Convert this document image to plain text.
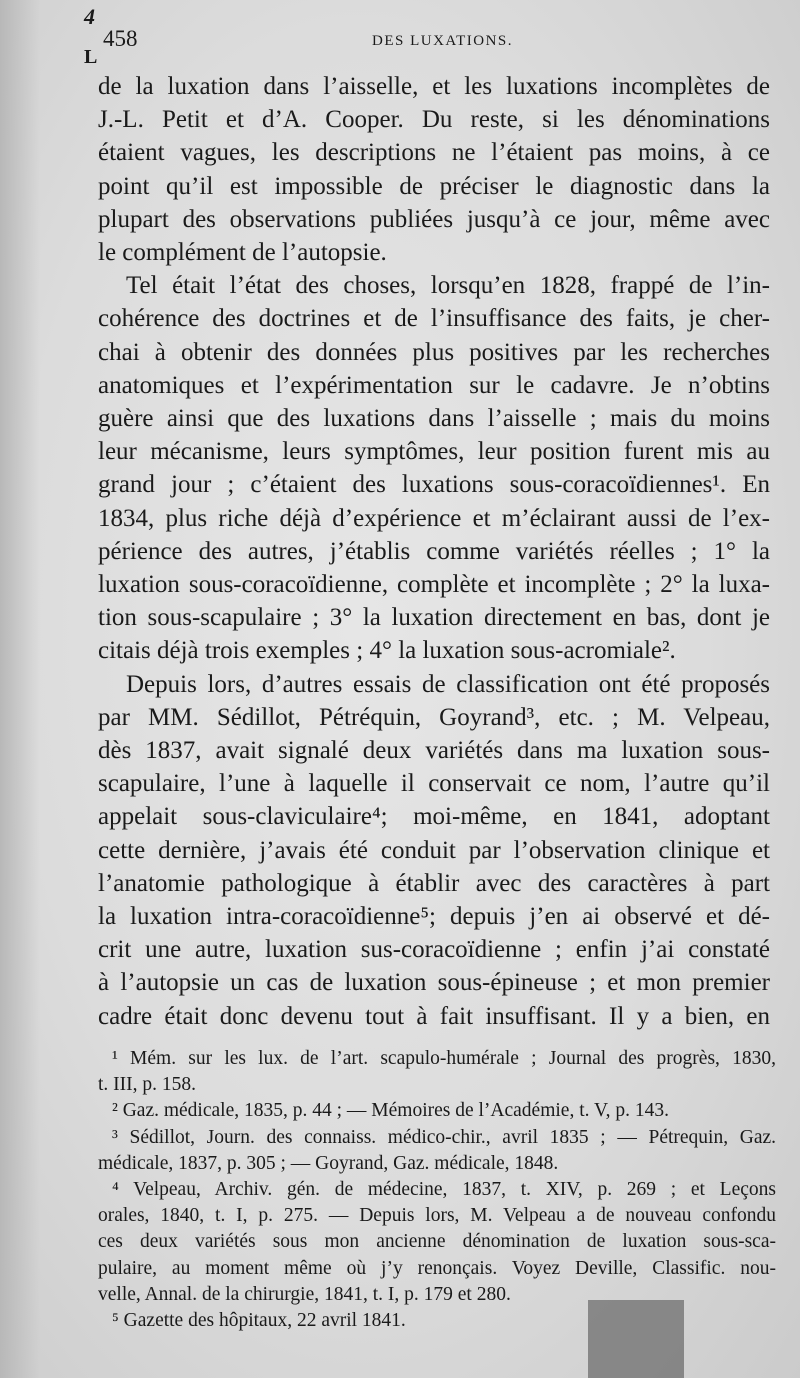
4
L
458	DES LUXATIONS.
de la luxation dans l’aisselle, et les luxations incomplètes de
J.-L. Petit et d’A. Cooper. Du reste, si les dénominations
étaient vagues, les descriptions ne l’étaient pas moins, à ce
point qu’il est impossible de préciser le diagnostic dans la
plupart des observations publiées jusqu’à ce jour, même avec
le complément de l’autopsie.
Tel était l’état des choses, lorsqu’en 1828, frappé de l’in-
cohérence des doctrines et de l’insuffisance des faits, je cher-
chai à obtenir des données plus positives par les recherches
anatomiques et l’expérimentation sur le cadavre. Je n’obtins
guère ainsi que des luxations dans l’aisselle ; mais du moins
leur mécanisme, leurs symptômes, leur position furent mis au
grand jour ; c’étaient des luxations sous-coracoïdiennes¹. En
1834, plus riche déjà d’expérience et m’éclairant aussi de l’ex-
périence des autres, j’établis comme variétés réelles ; 1° la
luxation sous-coracoïdienne, complète et incomplète ; 2° la luxa-
tion sous-scapulaire ; 3° la luxation directement en bas, dont je
citais déjà trois exemples ; 4° la luxation sous-acromiale².
Depuis lors, d’autres essais de classification ont été proposés
par MM. Sédillot, Pétréquin, Goyrand³, etc. ; M. Velpeau,
dès 1837, avait signalé deux variétés dans ma luxation sous-
scapulaire, l’une à laquelle il conservait ce nom, l’autre qu’il
appelait sous-claviculaire⁴; moi-même, en 1841, adoptant
cette dernière, j’avais été conduit par l’observation clinique et
l’anatomie pathologique à établir avec des caractères à part
la luxation intra-coracoïdienne⁵; depuis j’en ai observé et dé-
crit une autre, luxation sus-coracoïdienne ; enfin j’ai constaté
à l’autopsie un cas de luxation sous-épineuse ; et mon premier
cadre était donc devenu tout à fait insuffisant. Il y a bien, en
¹ Mém. sur les lux. de l’art. scapulo-humérale ; Journal des progrès, 1830,
t. III, p. 158.
² Gaz. médicale, 1835, p. 44 ; — Mémoires de l’Académie, t. V, p. 143.
³ Sédillot, Journ. des connaiss. médico-chir., avril 1835 ; — Pétrequin, Gaz.
médicale, 1837, p. 305 ; — Goyrand, Gaz. médicale, 1848.
⁴ Velpeau, Archiv. gén. de médecine, 1837, t. XIV, p. 269 ; et Leçons
orales, 1840, t. I, p. 275. — Depuis lors, M. Velpeau a de nouveau confondu
ces deux variétés sous mon ancienne dénomination de luxation sous-sca-
pulaire, au moment même où j’y renonçais. Voyez Deville, Classific. nou-
velle, Annal. de la chirurgie, 1841, t. I, p. 179 et 280.
⁵ Gazette des hôpitaux, 22 avril 1841.
